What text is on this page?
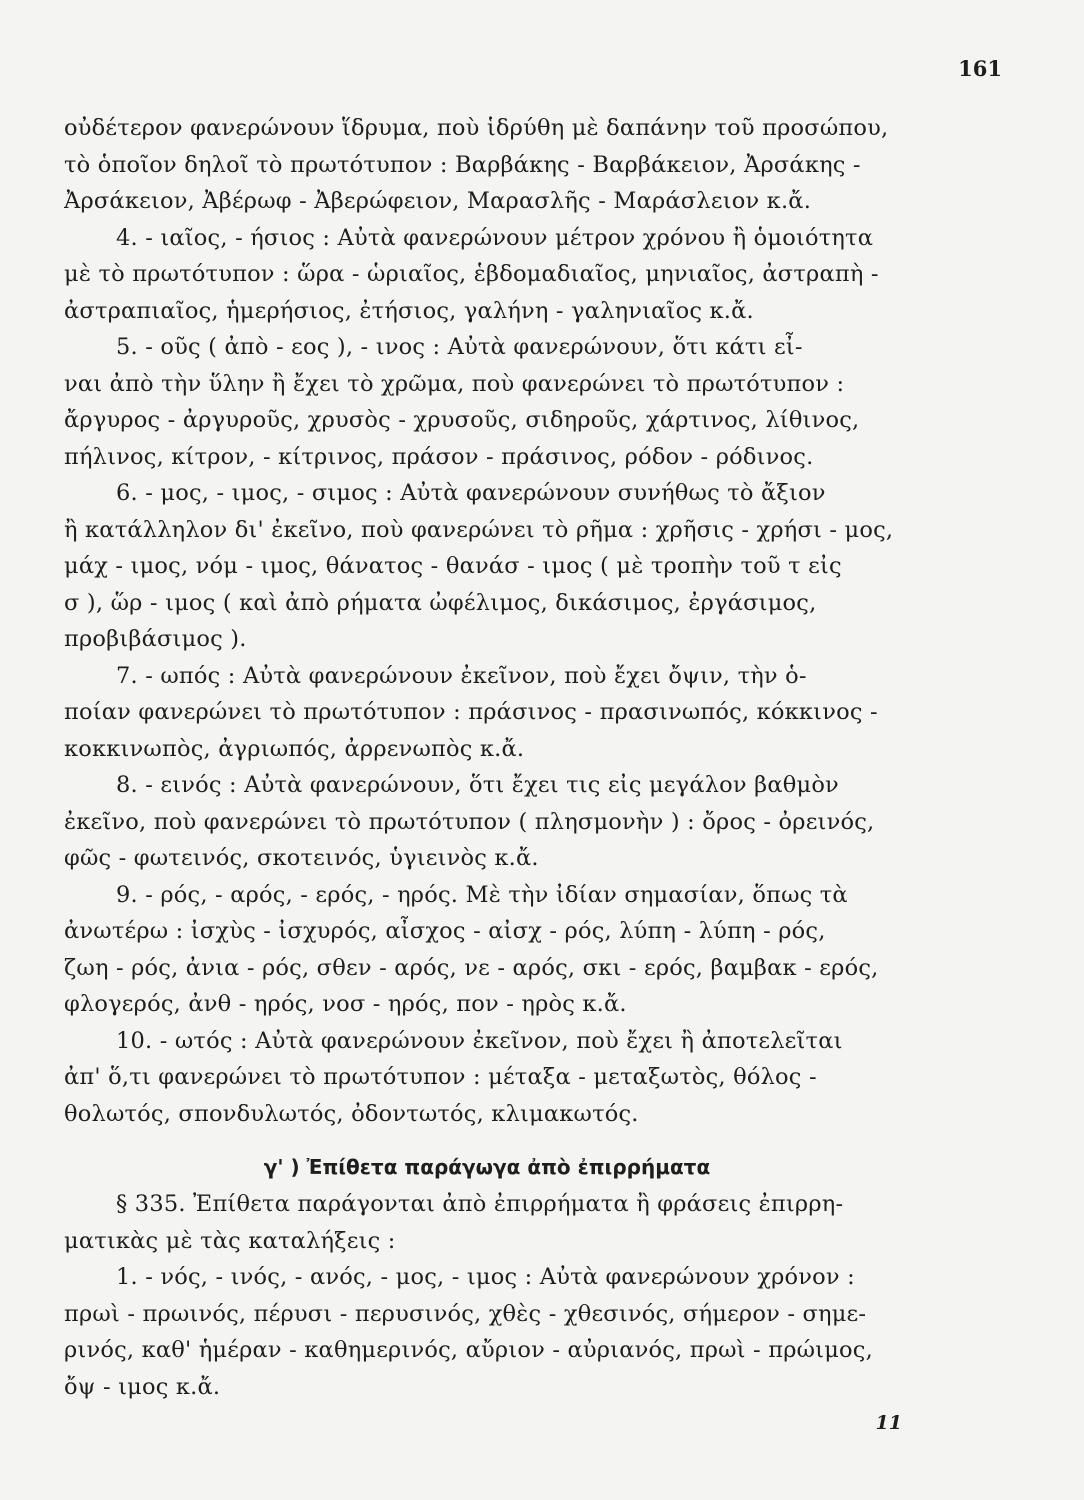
161
οὐδέτερον φανερώνουν ἵδρυμα, ποὺ ἱδρύθη μὲ δαπάνην τοῦ προσώπου,
τὸ ὁποῖον δηλοῖ τὸ πρωτότυπον : Βαρβάκης - Βαρβάκειον, Ἀρσάκης -
Ἀρσάκειον, Ἀβέρωφ - Ἀβερώφειον, Μαρασλῆς - Μαράσλειον κ.ἄ.
4. - ιαῖος, - ήσιος : Αὐτὰ φανερώνουν μέτρον χρόνου ἢ ὁμοιότητα
μὲ τὸ πρωτότυπον : ὥρα - ὡριαῖος, ἑβδομαδιαῖος, μηνιαῖος, ἀστραπὴ -
ἀστραπιαῖος, ἡμερήσιος, ἐτήσιος, γαλήνη - γαληνιαῖος κ.ἄ.
5. - οῦς ( ἀπὸ - εος ), - ινος : Αὐτὰ φανερώνουν, ὅτι κάτι εἶ-
ναι ἀπὸ τὴν ὕλην ἢ ἔχει τὸ χρῶμα, ποὺ φανερώνει τὸ πρωτότυπον :
ἄργυρος - ἀργυροῦς, χρυσὸς - χρυσοῦς, σιδηροῦς, χάρτινος, λίθινος,
πήλινος, κίτρον, - κίτρινος, πράσον - πράσινος, ρόδον - ρόδινος.
6. - μος, - ιμος, - σιμος : Αὐτὰ φανερώνουν συνήθως τὸ ἄξιον
ἢ κατάλληλον δι' ἐκεῖνο, ποὺ φανερώνει τὸ ρῆμα : χρῆσις - χρήσι - μος,
μάχ - ιμος, νόμ - ιμος, θάνατος - θανάσ - ιμος ( μὲ τροπὴν τοῦ τ εἰς
σ ), ὥρ - ιμος ( καὶ ἀπὸ ρήματα ὠφέλιμος, δικάσιμος, ἐργάσιμος,
προβιβάσιμος ).
7. - ωπός : Αὐτὰ φανερώνουν ἐκεῖνον, ποὺ ἔχει ὄψιν, τὴν ὁ-
ποίαν φανερώνει τὸ πρωτότυπον : πράσινος - πρασινωπός, κόκκινος -
κοκκινωπὸς, ἀγριωπός, ἀρρενωπὸς κ.ἄ.
8. - εινός : Αὐτὰ φανερώνουν, ὅτι ἔχει τις εἰς μεγάλον βαθμὸν
ἐκεῖνο, ποὺ φανερώνει τὸ πρωτότυπον ( πλησμονὴν ) : ὄρος - ὀρεινός,
φῶς - φωτεινός, σκοτεινός, ὑγιεινὸς κ.ἄ.
9. - ρός, - αρός, - ερός, - ηρός. Μὲ τὴν ἰδίαν σημασίαν, ὅπως τὰ
ἀνωτέρω : ἰσχὺς - ἰσχυρός, αἶσχος - αἰσχ - ρός, λύπη - λύπη - ρός,
ζωη - ρός, ἀνια - ρός, σθεν - αρός, νε - αρός, σκι - ερός, βαμβακ - ερός,
φλογερός, ἀνθ - ηρός, νοσ - ηρός, πον - ηρὸς κ.ἄ.
10. - ωτός : Αὐτὰ φανερώνουν ἐκεῖνον, ποὺ ἔχει ἢ ἀποτελεῖται
ἀπ' ὅ,τι φανερώνει τὸ πρωτότυπον : μέταξα - μεταξωτὸς, θόλος -
θολωτός, σπονδυλωτός, ὀδοντωτός, κλιμακωτός.
γ' ) Ἐπίθετα παράγωγα ἀπὸ ἐπιρρήματα
§ 335. Ἐπίθετα παράγονται ἀπὸ ἐπιρρήματα ἢ φράσεις ἐπιρρη-
ματικὰς μὲ τὰς καταλήξεις :
1. - νός, - ινός, - ανός, - μος, - ιμος : Αὐτὰ φανερώνουν χρόνον :
πρωὶ - πρωινός, πέρυσι - περυσινός, χθὲς - χθεσινός, σήμερον - σημε-
ρινός, καθ' ἡμέραν - καθημερινός, αὔριον - αὐριανός, πρωὶ - πρώιμος,
ὄψ - ιμος κ.ἄ.
11
